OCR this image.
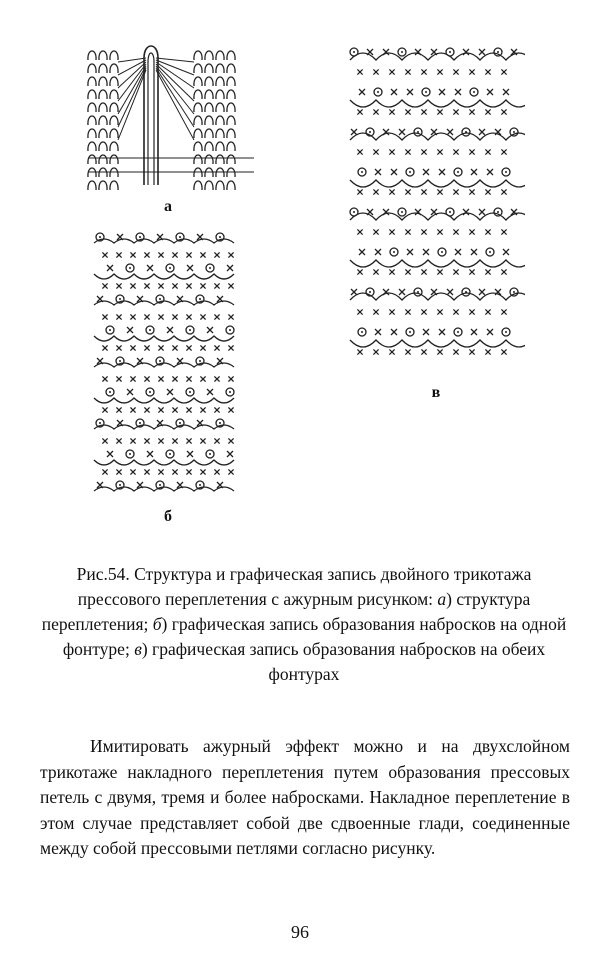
а
б
в
Рис.54. Структура и графическая запись двойного трикотажа прессового переплетения с ажурным рисунком: а) структура переплетения; б) графическая запись образования набросков на одной фонтуре; в) графическая запись образования набросков на обеих фонтурах

Имитировать ажурный эффект можно и на двухслойном трикотаже накладного переплетения путем образования прессовых петель с двумя, тремя и более набросками. Накладное переплетение в этом случае представляет собой две сдвоенные глади, соединенные между собой прессовыми петлями согласно рисунку.

96
